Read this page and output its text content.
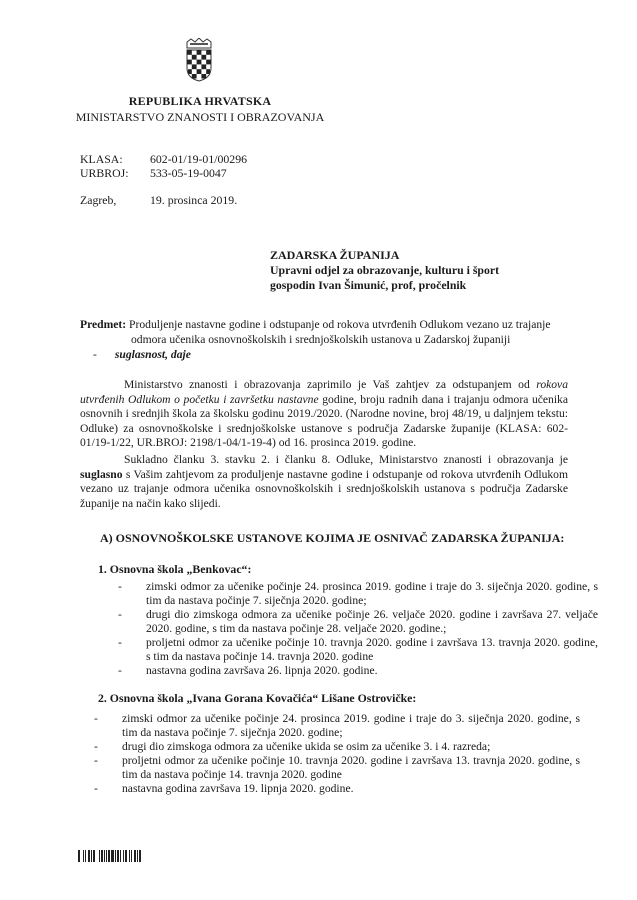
REPUBLIKA HRVATSKA
MINISTARSTVO ZNANOSTI I OBRAZOVANJA
KLASA: 602-01/19-01/00296
URBROJ: 533-05-19-0047
Zagreb,	19. prosinca 2019.
ZADARSKA ŽUPANIJA
Upravni odjel za obrazovanje, kulturu i šport
gospodin Ivan Šimunić, prof, pročelnik
Predmet: Produljenje nastavne godine i odstupanje od rokova utvrđenih Odlukom vezano uz trajanje
odmora učenika osnovnoškolskih i srednjoškolskih ustanova u Zadarskoj županiji
- suglasnost, daje

Ministarstvo znanosti i obrazovanja zaprimilo je Vaš zahtjev za odstupanjem od rokova utvrđenih Odlukom o početku i završetku nastavne godine, broju radnih dana i trajanju odmora učenika osnovnih i srednjih škola za školsku godinu 2019./2020. (Narodne novine, broj 48/19, u daljnjem tekstu: Odluke) za osnovnoškolske i srednjoškolske ustanove s područja Zadarske županije (KLASA: 602-01/19-1/22, UR.BROJ: 2198/1-04/1-19-4) od 16. prosinca 2019. godine.

Sukladno članku 3. stavku 2. i članku 8. Odluke, Ministarstvo znanosti i obrazovanja je suglasno s Vašim zahtjevom za produljenje nastavne godine i odstupanje od rokova utvrđenih Odlukom vezano uz trajanje odmora učenika osnovnoškolskih i srednjoškolskih ustanova s područja Zadarske županije na način kako slijedi.

A) OSNOVNOŠKOLSKE USTANOVE KOJIMA JE OSNIVAČ ZADARSKA ŽUPANIJA:
1. Osnovna škola „Benkovac“:
- zimski odmor za učenike počinje 24. prosinca 2019. godine i traje do 3. siječnja 2020. godine, s tim da nastava počinje 7. siječnja 2020. godine;
- drugi dio zimskoga odmora za učenike počinje 26. veljače 2020. godine i završava 27. veljače 2020. godine, s tim da nastava počinje 28. veljače 2020. godine.;
- proljetni odmor za učenike počinje 10. travnja 2020. godine i završava 13. travnja 2020. godine, s tim da nastava počinje 14. travnja 2020. godine
- nastavna godina završava 26. lipnja 2020. godine.
2. Osnovna škola „Ivana Gorana Kovačića“ Lišane Ostrovičke:
- zimski odmor za učenike počinje 24. prosinca 2019. godine i traje do 3. siječnja 2020. godine, s tim da nastava počinje 7. siječnja 2020. godine;
- drugi dio zimskoga odmora za učenike ukida se osim za učenike 3. i 4. razreda;
- proljetni odmor za učenike počinje 10. travnja 2020. godine i završava 13. travnja 2020. godine, s tim da nastava počinje 14. travnja 2020. godine
- nastavna godina završava 19. lipnja 2020. godine.
